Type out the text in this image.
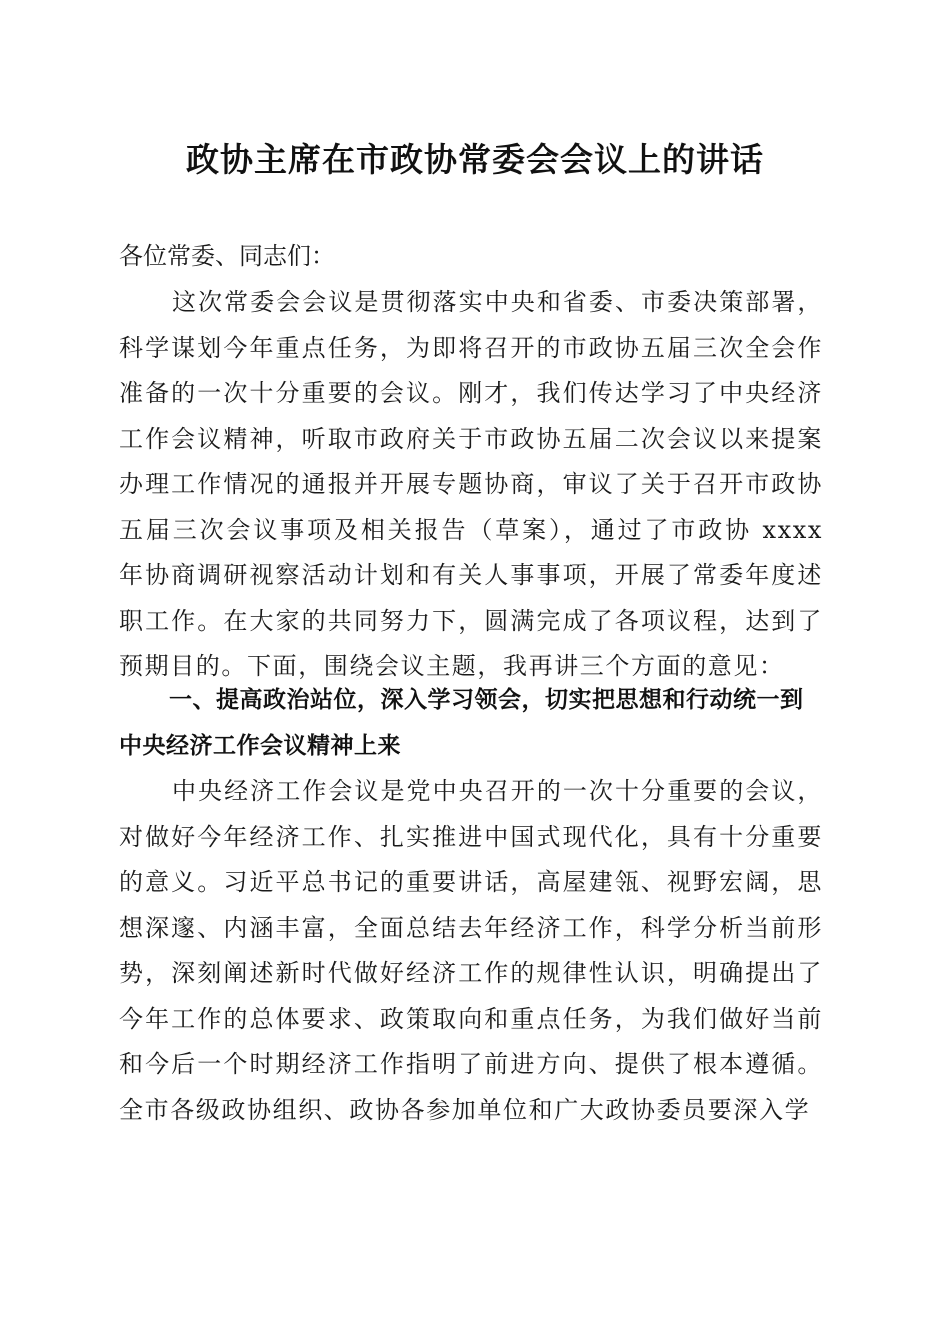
政协主席在市政协常委会会议上的讲话
各位常委、同志们：
这次常委会会议是贯彻落实中央和省委、市委决策部署，科学谋划今年重点任务，为即将召开的市政协五届三次全会作准备的一次十分重要的会议。刚才，我们传达学习了中央经济工作会议精神，听取市政府关于市政协五届二次会议以来提案办理工作情况的通报并开展专题协商，审议了关于召开市政协五届三次会议事项及相关报告（草案），通过了市政协 xxxx 年协商调研视察活动计划和有关人事事项，开展了常委年度述职工作。在大家的共同努力下，圆满完成了各项议程，达到了预期目的。下面，围绕会议主题，我再讲三个方面的意见：
一、提高政治站位，深入学习领会，切实把思想和行动统一到中央经济工作会议精神上来
中央经济工作会议是党中央召开的一次十分重要的会议，对做好今年经济工作、扎实推进中国式现代化，具有十分重要的意义。习近平总书记的重要讲话，高屋建瓴、视野宏阔，思想深邃、内涵丰富，全面总结去年经济工作，科学分析当前形势，深刻阐述新时代做好经济工作的规律性认识，明确提出了今年工作的总体要求、政策取向和重点任务，为我们做好当前和今后一个时期经济工作指明了前进方向、提供了根本遵循。全市各级政协组织、政协各参加单位和广大政协委员要深入学
